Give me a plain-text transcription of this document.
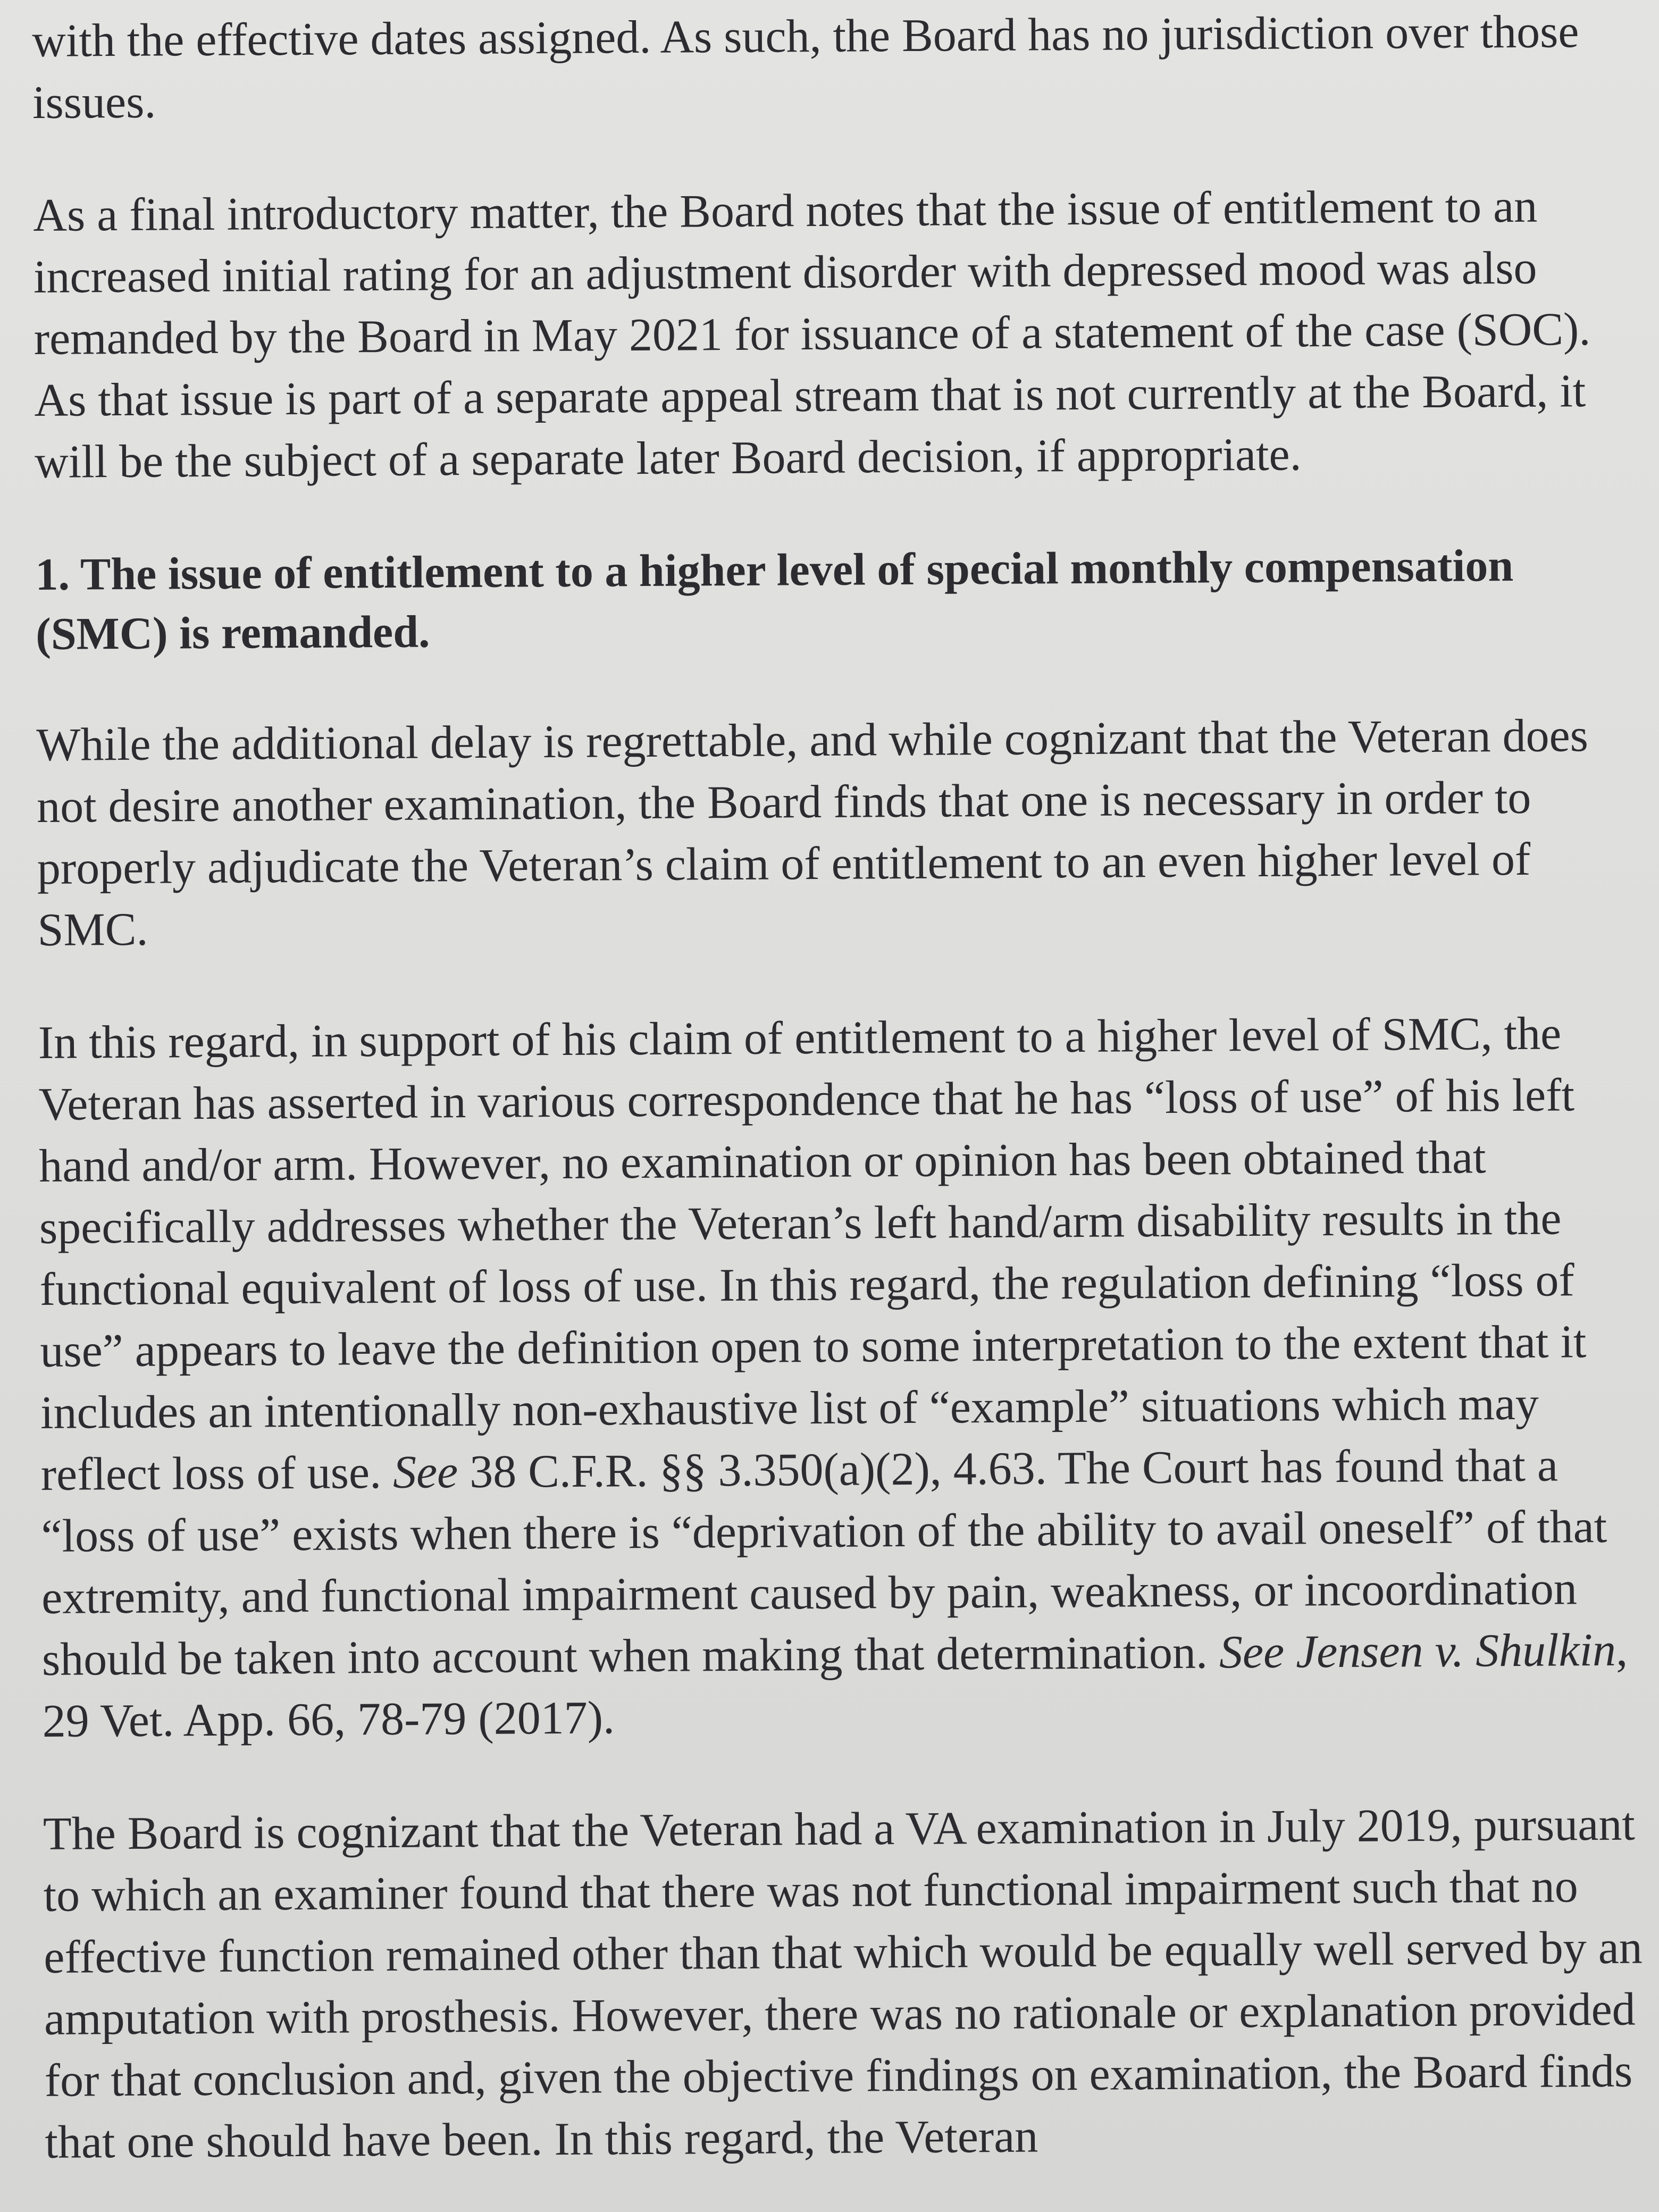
with the effective dates assigned. As such, the Board has no jurisdiction over those issues.

As a final introductory matter, the Board notes that the issue of entitlement to an increased initial rating for an adjustment disorder with depressed mood was also remanded by the Board in May 2021 for issuance of a statement of the case (SOC). As that issue is part of a separate appeal stream that is not currently at the Board, it will be the subject of a separate later Board decision, if appropriate.

1. The issue of entitlement to a higher level of special monthly compensation (SMC) is remanded.

While the additional delay is regrettable, and while cognizant that the Veteran does not desire another examination, the Board finds that one is necessary in order to properly adjudicate the Veteran’s claim of entitlement to an even higher level of SMC.

In this regard, in support of his claim of entitlement to a higher level of SMC, the Veteran has asserted in various correspondence that he has “loss of use” of his left hand and/or arm. However, no examination or opinion has been obtained that specifically addresses whether the Veteran’s left hand/arm disability results in the functional equivalent of loss of use. In this regard, the regulation defining “loss of use” appears to leave the definition open to some interpretation to the extent that it includes an intentionally non-exhaustive list of “example” situations which may reflect loss of use. See 38 C.F.R. §§ 3.350(a)(2), 4.63. The Court has found that a “loss of use” exists when there is “deprivation of the ability to avail oneself” of that extremity, and functional impairment caused by pain, weakness, or incoordination should be taken into account when making that determination. See Jensen v. Shulkin, 29 Vet. App. 66, 78-79 (2017).

The Board is cognizant that the Veteran had a VA examination in July 2019, pursuant to which an examiner found that there was not functional impairment such that no effective function remained other than that which would be equally well served by an amputation with prosthesis. However, there was no rationale or explanation provided for that conclusion and, given the objective findings on examination, the Board finds that one should have been. In this regard, the Veteran
